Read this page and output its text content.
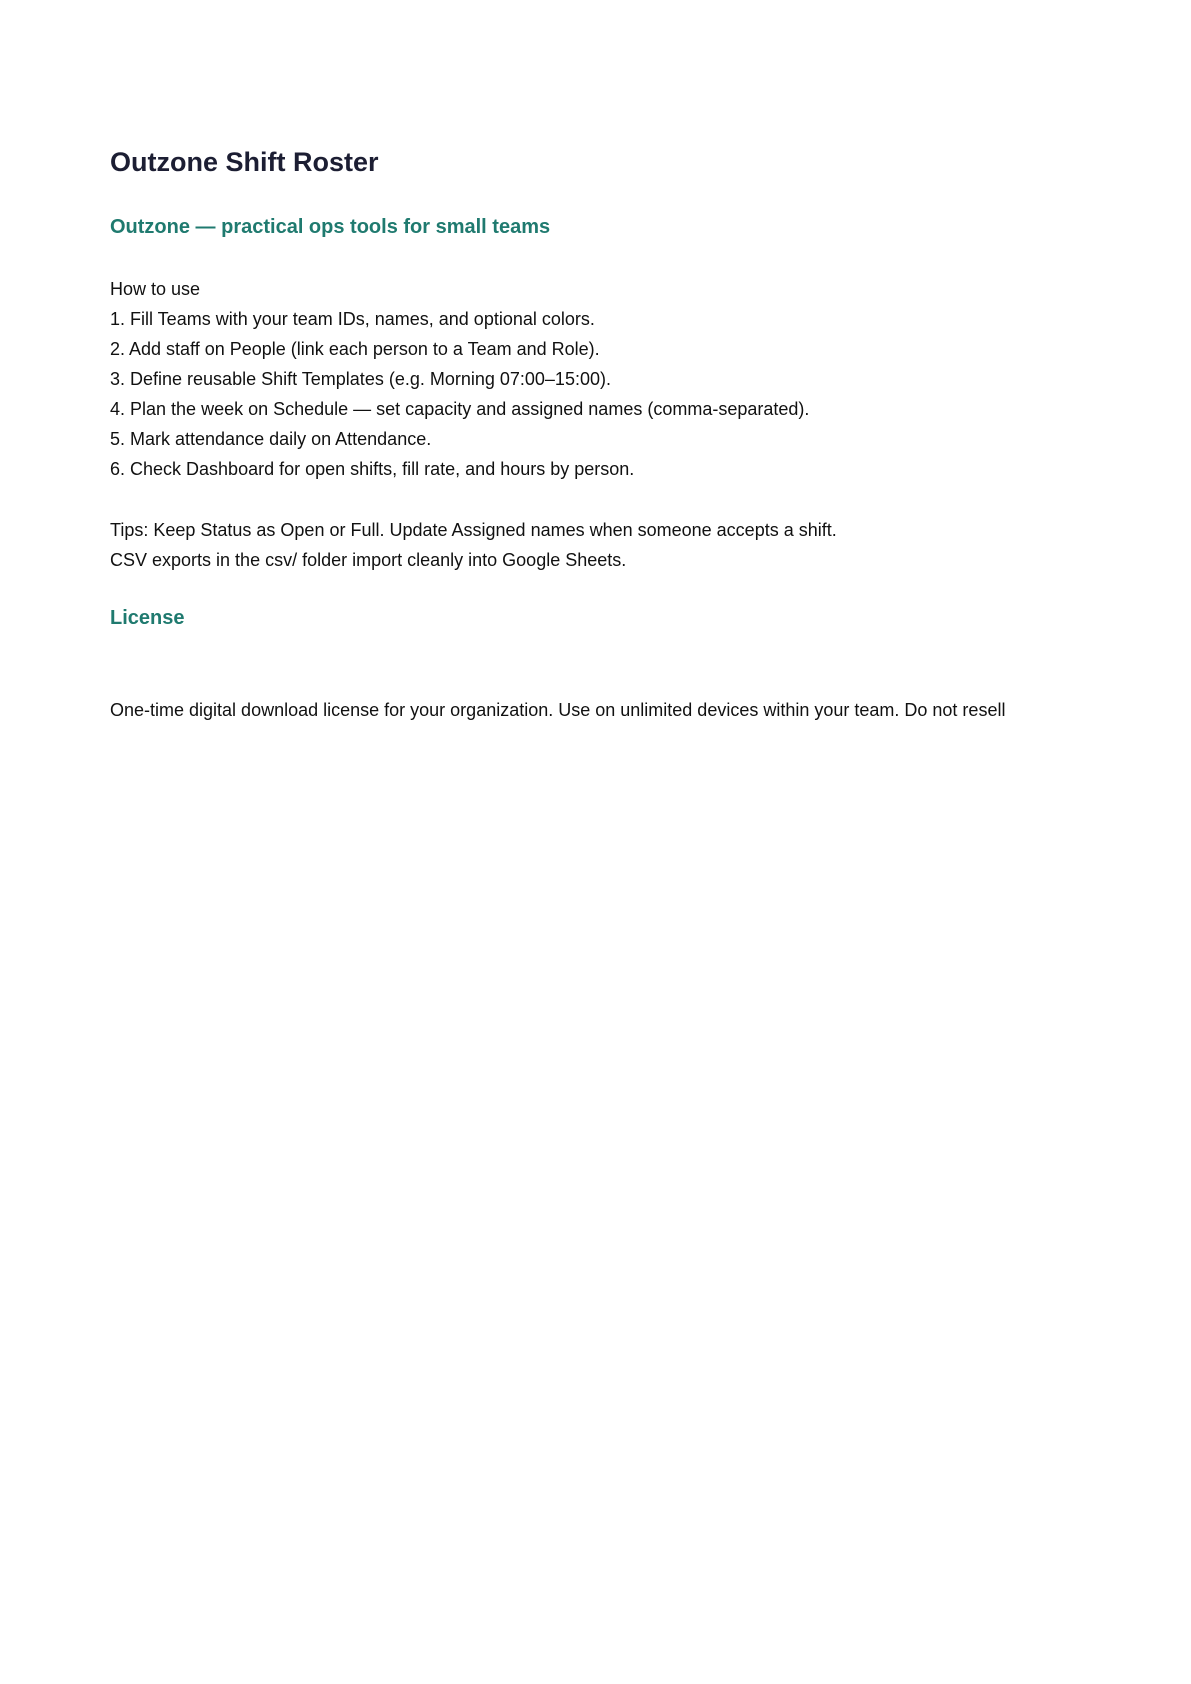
Outzone Shift Roster
Outzone — practical ops tools for small teams

How to use

1. Fill Teams with your team IDs, names, and optional colors.

2. Add staff on People (link each person to a Team and Role).

3. Define reusable Shift Templates (e.g. Morning 07:00–15:00).

4. Plan the week on Schedule — set capacity and assigned names (comma-separated).

5. Mark attendance daily on Attendance.

6. Check Dashboard for open shifts, fill rate, and hours by person.

Tips: Keep Status as Open or Full. Update Assigned names when someone accepts a shift.

CSV exports in the csv/ folder import cleanly into Google Sheets.

License
One-time digital download license for your organization. Use on unlimited devices within your team. Do not resell
